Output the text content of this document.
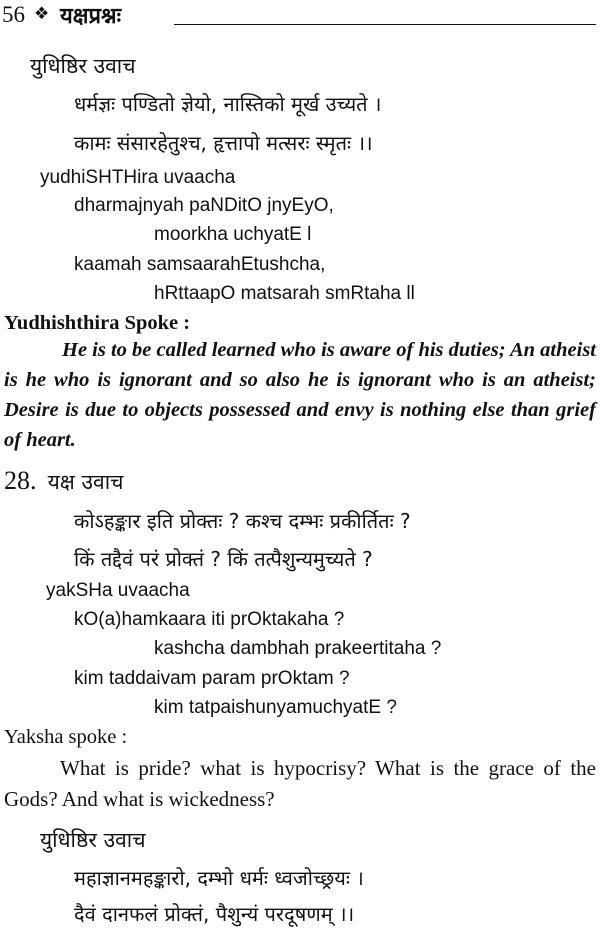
56 ❖ यक्षप्रश्नः
युधिष्ठिर उवाच
धर्मज्ञः पण्डितो ज्ञेयो, नास्तिको मूर्ख उच्यते ।
कामः संसारहेतुश्च, हृत्तापो मत्सरः स्मृतः ।।
yudhiSHTHira uvaacha
dharmajnyah paNDitO jnyEyO,
moorkha uchyatE l
kaamah samsaarahEtushcha,
hRttaapO matsarah smRtaha ll
Yudhishthira Spoke :
He is to be called learned who is aware of his duties; An atheist is he who is ignorant and so also he is ignorant who is an atheist; Desire is due to objects possessed and envy is nothing else than grief of heart.
28. यक्ष उवाच
कोऽहङ्कार इति प्रोक्तः ? कश्च दम्भः प्रकीर्तितः ?
किं तद्दैवं परं प्रोक्तं ? किं तत्पैशुन्यमुच्यते ?
yakSHa uvaacha
kO(a)hamkaara iti prOktakaha ?
kashcha dambhah prakeertitaha ?
kim taddaivam param prOktam ?
kim tatpaishunyamuchyatE ?
Yaksha spoke :
What is pride? what is hypocrisy? What is the grace of the Gods? And what is wickedness?
युधिष्ठिर उवाच
महाज्ञानमहङ्कारो, दम्भो धर्मः ध्वजोच्छ्रयः ।
दैवं दानफलं प्रोक्तं, पैशुन्यं परदूषणम् ।।
